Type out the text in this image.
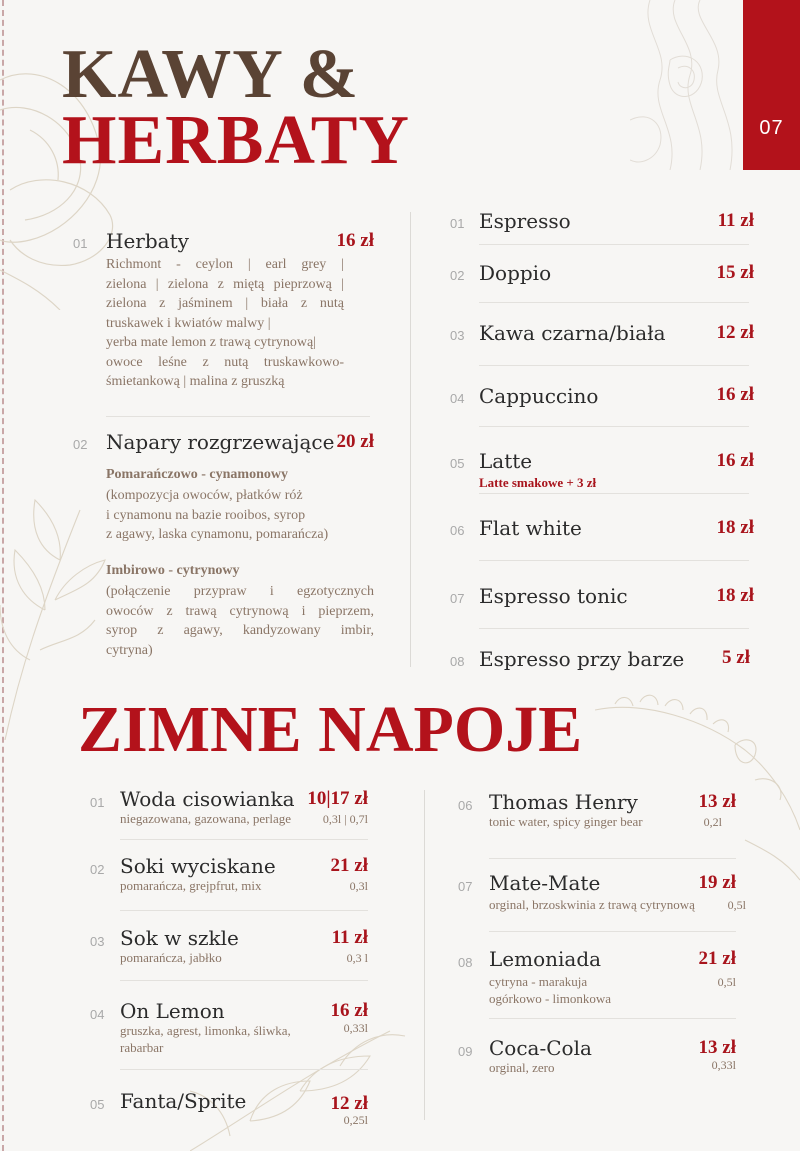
07
KAWY &
HERBATY
01 Herbaty	16 zł
Richmont - ceylon | earl grey |
zielona | zielona z miętą pieprzową |
zielona z jaśminem | biała z nutą
truskawek i kwiatów malwy |
yerba mate lemon z trawą cytrynową|
owoce leśne z nutą truskawkowo-
śmietankową | malina z gruszką
02 Napary rozgrzewające 20 zł
Pomarańczowo - cynamonowy
(kompozycja owoców, płatków róż
i cynamonu na bazie rooibos, syrop
z agawy, laska cynamonu, pomarańcza)
Imbirowo - cytrynowy
(połączenie przypraw i egzotycznych
owoców z trawą cytrynową i pieprzem,
syrop z agawy, kandyzowany imbir,
cytryna)
01 Espresso	11 zł
02 Doppio	15 zł
03 Kawa czarna/biała	12 zł
04 Cappuccino	16 zł
05 Latte	16 zł
Latte smakowe + 3 zł
06 Flat white	18 zł
07 Espresso tonic	18 zł
08 Espresso przy barze	5 zł
ZIMNE NAPOJE
01 Woda cisowianka 10|17 zł
niegazowana, gazowana, perlage	0,3l | 0,7l
02 Soki wyciskane	21 zł
pomarańcza, grejpfrut, mix	0,3l
03 Sok w szkle	11 zł
pomarańcza, jabłko	0,3 l
04 On Lemon	16 zł
gruszka, agrest, limonka, śliwka,
rabarbar
0,33l
05 Fanta/Sprite	12 zł
0,25l
06 Thomas Henry	13 zł
tonic water, spicy ginger bear	0,2l
07 Mate-Mate	19 zł
orginal, brzoskwinia z trawą cytrynową	0,5l
08 Lemoniada	21 zł
cytryna - marakuja
ogórkowo - limonkowa
0,5l
09 Coca-Cola	13 zł
orginal, zero	0,33l
